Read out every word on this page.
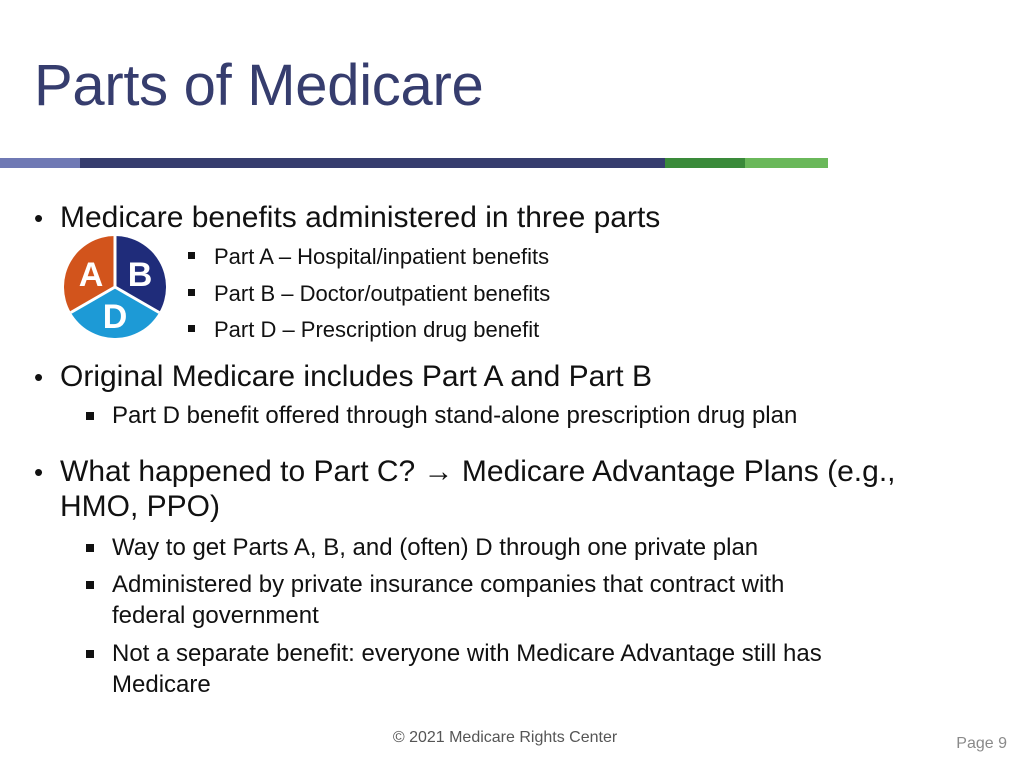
Parts of Medicare
• Medicare benefits administered in three parts
A B
D
Part A – Hospital/inpatient benefits
Part B – Doctor/outpatient benefits
Part D – Prescription drug benefit
• Original Medicare includes Part A and Part B
Part D benefit offered through stand-alone prescription drug plan
• What happened to Part C? → Medicare Advantage Plans (e.g.,
HMO, PPO)
Way to get Parts A, B, and (often) D through one private plan
Administered by private insurance companies that contract with
federal government
Not a separate benefit: everyone with Medicare Advantage still has
Medicare
© 2021 Medicare Rights Center	Page 9
